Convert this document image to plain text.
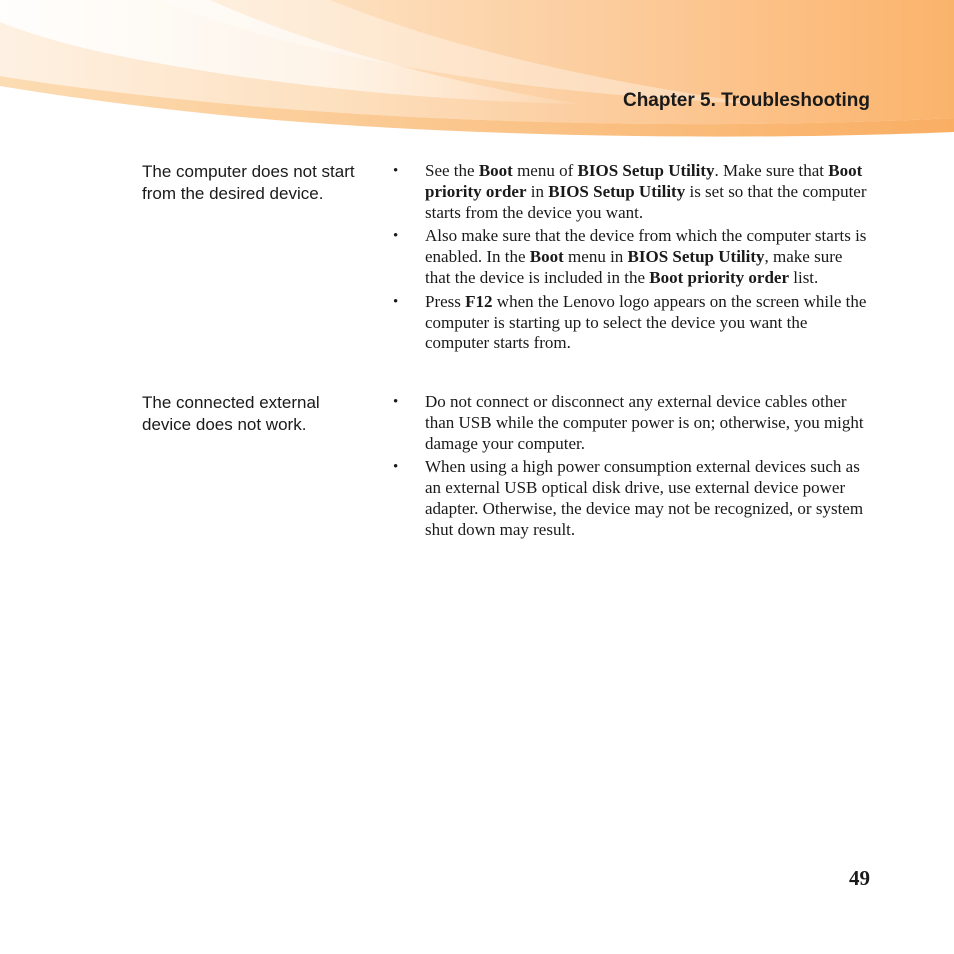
Chapter 5. Troubleshooting
The computer does not start from the desired device.
• See the Boot menu of BIOS Setup Utility. Make sure that Boot priority order in BIOS Setup Utility is set so that the computer starts from the device you want.
• Also make sure that the device from which the computer starts is enabled. In the Boot menu in BIOS Setup Utility, make sure that the device is included in the Boot priority order list.
• Press F12 when the Lenovo logo appears on the screen while the computer is starting up to select the device you want the computer starts from.
The connected external device does not work.
• Do not connect or disconnect any external device cables other than USB while the computer power is on; otherwise, you might damage your computer.
• When using a high power consumption external devices such as an external USB optical disk drive, use external device power adapter. Otherwise, the device may not be recognized, or system shut down may result.
49
